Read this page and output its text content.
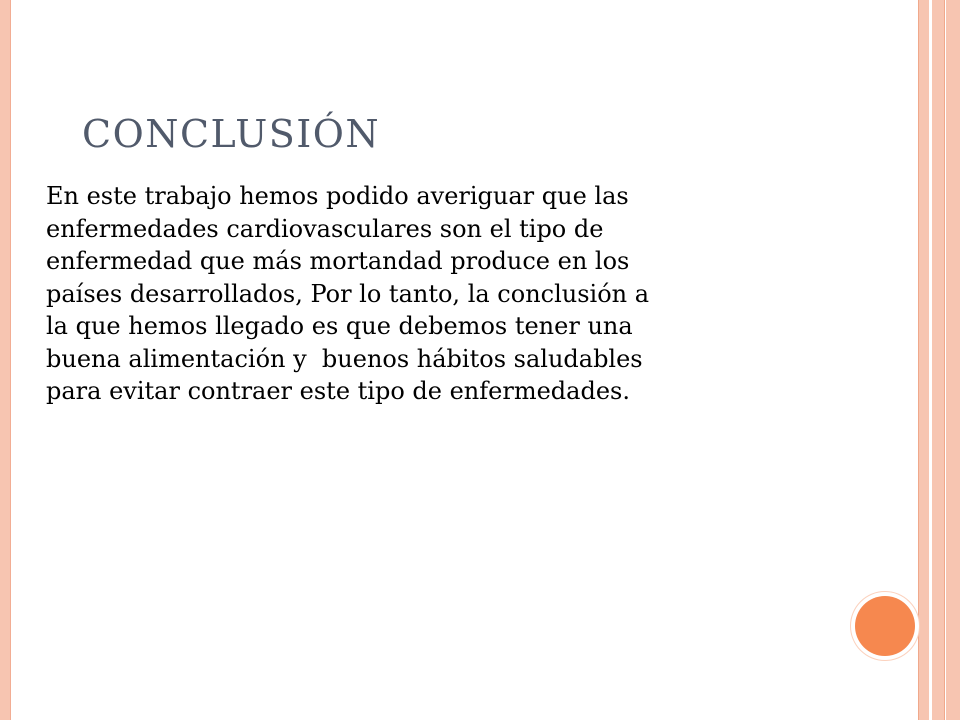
CONCLUSIÓN

En este trabajo hemos podido averiguar que las
enfermedades cardiovasculares son el tipo de
enfermedad que más mortandad produce en los
países desarrollados, Por lo tanto, la conclusión a
la que hemos llegado es que debemos tener una
buena alimentación y  buenos hábitos saludables
para evitar contraer este tipo de enfermedades.
